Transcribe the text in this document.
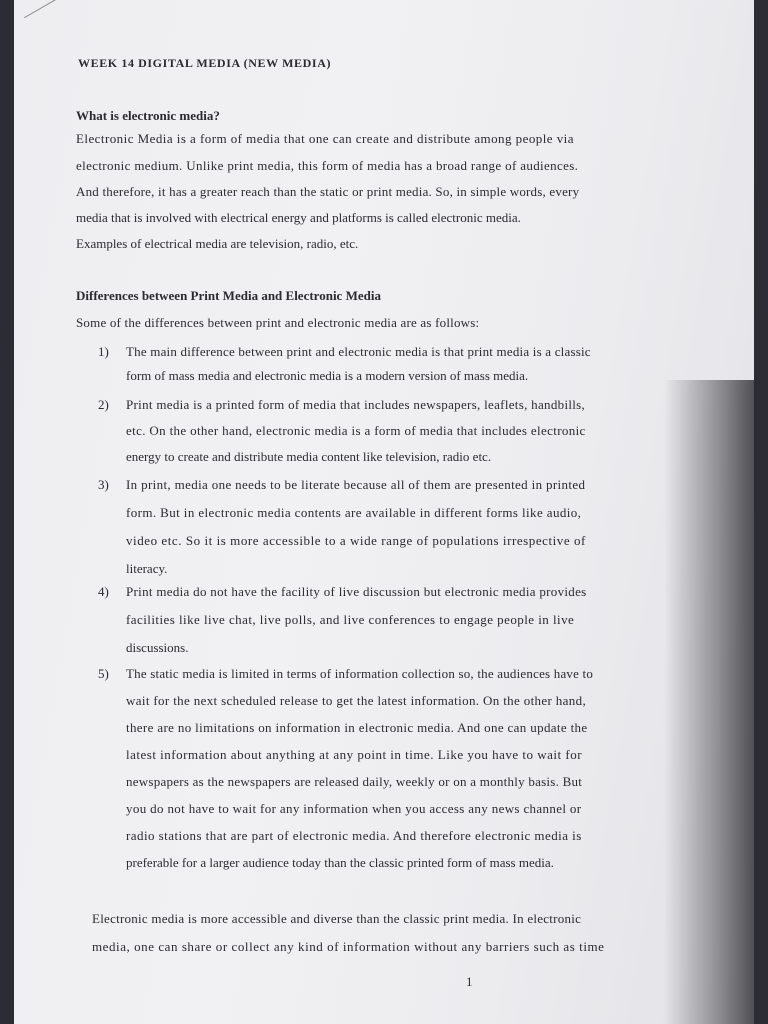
WEEK 14 DIGITAL MEDIA (NEW MEDIA)
What is electronic media?
Electronic Media is a form of media that one can create and distribute among people via
electronic medium. Unlike print media, this form of media has a broad range of audiences.
And therefore, it has a greater reach than the static or print media. So, in simple words, every
media that is involved with electrical energy and platforms is called electronic media.
Examples of electrical media are television, radio, etc.
Differences between Print Media and Electronic Media
Some of the differences between print and electronic media are as follows:
1) The main difference between print and electronic media is that print media is a classic
form of mass media and electronic media is a modern version of mass media.
2) Print media is a printed form of media that includes newspapers, leaflets, handbills,
etc. On the other hand, electronic media is a form of media that includes electronic
energy to create and distribute media content like television, radio etc.
3) In print, media one needs to be literate because all of them are presented in printed
form. But in electronic media contents are available in different forms like audio,
video etc. So it is more accessible to a wide range of populations irrespective of
literacy.
4) Print media do not have the facility of live discussion but electronic media provides
facilities like live chat, live polls, and live conferences to engage people in live
discussions.
5) The static media is limited in terms of information collection so, the audiences have to
wait for the next scheduled release to get the latest information. On the other hand,
there are no limitations on information in electronic media. And one can update the
latest information about anything at any point in time. Like you have to wait for
newspapers as the newspapers are released daily, weekly or on a monthly basis. But
you do not have to wait for any information when you access any news channel or
radio stations that are part of electronic media. And therefore electronic media is
preferable for a larger audience today than the classic printed form of mass media.
Electronic media is more accessible and diverse than the classic print media. In electronic
media, one can share or collect any kind of information without any barriers such as time
1
